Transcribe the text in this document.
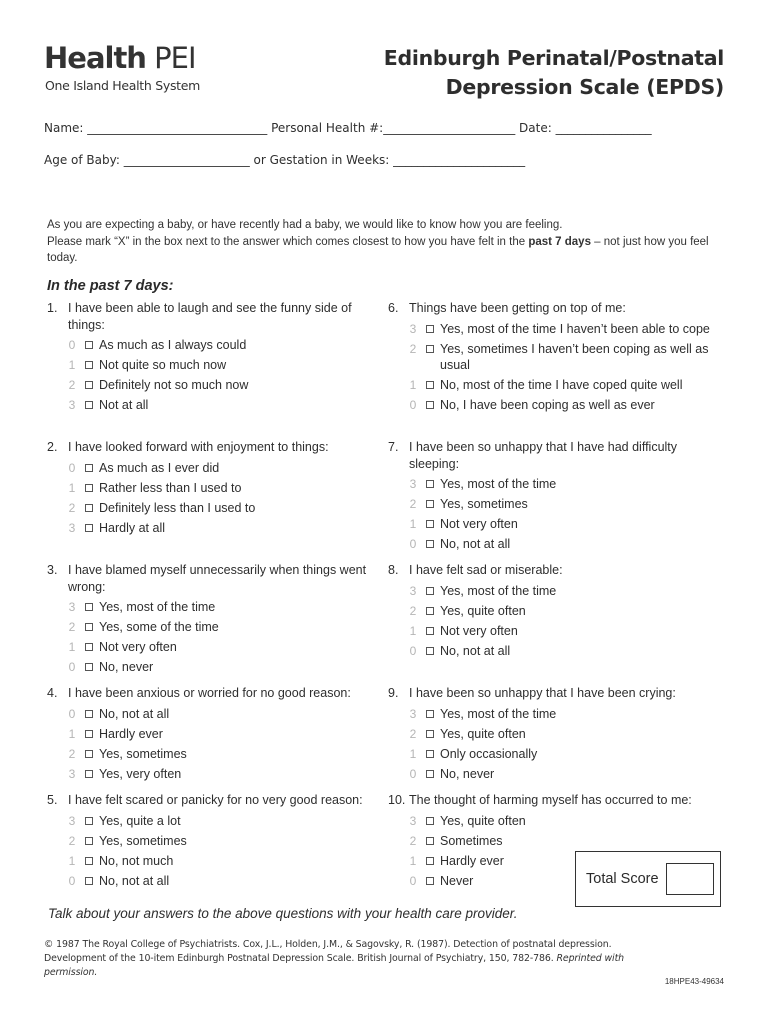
Health PEI
One Island Health System
Edinburgh Perinatal/Postnatal
Depression Scale (EPDS)
Name: ______________________________ Personal Health #:______________________ Date: ________________
Age of Baby: _____________________ or Gestation in Weeks: ______________________
As you are expecting a baby, or have recently had a baby, we would like to know how you are feeling.
Please mark “X” in the box next to the answer which comes closest to how you have felt in the past 7 days – not just how you feel today.
In the past 7 days:
1. I have been able to laugh and see the funny side of things:
0	As much as I always could
1	Not quite so much now
2	Definitely not so much now
3	Not at all
2. I have looked forward with enjoyment to things:
0	As much as I ever did
1	Rather less than I used to
2	Definitely less than I used to
3	Hardly at all
3. I have blamed myself unnecessarily when things went wrong:
3	Yes, most of the time
2	Yes, some of the time
1	Not very often
0	No, never
4. I have been anxious or worried for no good reason:
0	No, not at all
1	Hardly ever
2	Yes, sometimes
3	Yes, very often
5. I have felt scared or panicky for no very good reason:
3	Yes, quite a lot
2	Yes, sometimes
1	No, not much
0	No, not at all
6. Things have been getting on top of me:
3	Yes, most of the time I haven’t been able to cope
2	Yes, sometimes I haven’t been coping as well as usual
1	No, most of the time I have coped quite well
0	No, I have been coping as well as ever
7. I have been so unhappy that I have had difficulty sleeping:
3	Yes, most of the time
2	Yes, sometimes
1	Not very often
0	No, not at all
8. I have felt sad or miserable:
3	Yes, most of the time
2	Yes, quite often
1	Not very often
0	No, not at all
9. I have been so unhappy that I have been crying:
3	Yes, most of the time
2	Yes, quite often
1	Only occasionally
0	No, never
10. The thought of harming myself has occurred to me:
3	Yes, quite often
2	Sometimes
1	Hardly ever
0	Never	Total Score
Talk about your answers to the above questions with your health care provider.
© 1987 The Royal College of Psychiatrists. Cox, J.L., Holden, J.M., & Sagovsky, R. (1987). Detection of postnatal depression. Development of the 10-item Edinburgh Postnatal Depression Scale. British Journal of Psychiatry, 150, 782-786. Reprinted with permission.
18HPE43-49634
